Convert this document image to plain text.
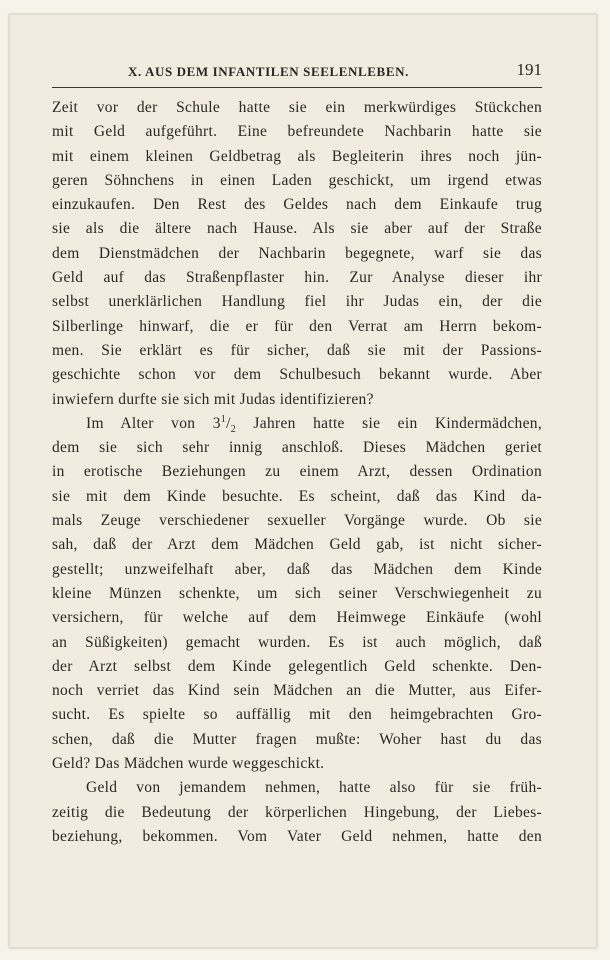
X. AUS DEM INFANTILEN SEELENLEBEN.	191
Zeit vor der Schule hatte sie ein merkwürdiges Stückchen
mit Geld aufgeführt. Eine befreundete Nachbarin hatte sie
mit einem kleinen Geldbetrag als Begleiterin ihres noch jün-
geren Söhnchens in einen Laden geschickt, um irgend etwas
einzukaufen. Den Rest des Geldes nach dem Einkaufe trug
sie als die ältere nach Hause. Als sie aber auf der Straße
dem Dienstmädchen der Nachbarin begegnete, warf sie das
Geld auf das Straßenpflaster hin. Zur Analyse dieser ihr
selbst unerklärlichen Handlung fiel ihr Judas ein, der die
Silberlinge hinwarf, die er für den Verrat am Herrn bekom-
men. Sie erklärt es für sicher, daß sie mit der Passions-
geschichte schon vor dem Schulbesuch bekannt wurde. Aber
inwiefern durfte sie sich mit Judas identifizieren?
Im Alter von $3^1/_2$ Jahren hatte sie ein Kindermädchen,
dem sie sich sehr innig anschloß. Dieses Mädchen geriet
in erotische Beziehungen zu einem Arzt, dessen Ordination
sie mit dem Kinde besuchte. Es scheint, daß das Kind da-
mals Zeuge verschiedener sexueller Vorgänge wurde. Ob sie
sah, daß der Arzt dem Mädchen Geld gab, ist nicht sicher-
gestellt; unzweifelhaft aber, daß das Mädchen dem Kinde
kleine Münzen schenkte, um sich seiner Verschwiegenheit zu
versichern, für welche auf dem Heimwege Einkäufe (wohl
an Süßigkeiten) gemacht wurden. Es ist auch möglich, daß
der Arzt selbst dem Kinde gelegentlich Geld schenkte. Den-
noch verriet das Kind sein Mädchen an die Mutter, aus Eifer-
sucht. Es spielte so auffällig mit den heimgebrachten Gro-
schen, daß die Mutter fragen mußte: Woher hast du das
Geld? Das Mädchen wurde weggeschickt.
Geld von jemandem nehmen, hatte also für sie früh-
zeitig die Bedeutung der körperlichen Hingebung, der Liebes-
beziehung, bekommen. Vom Vater Geld nehmen, hatte den
